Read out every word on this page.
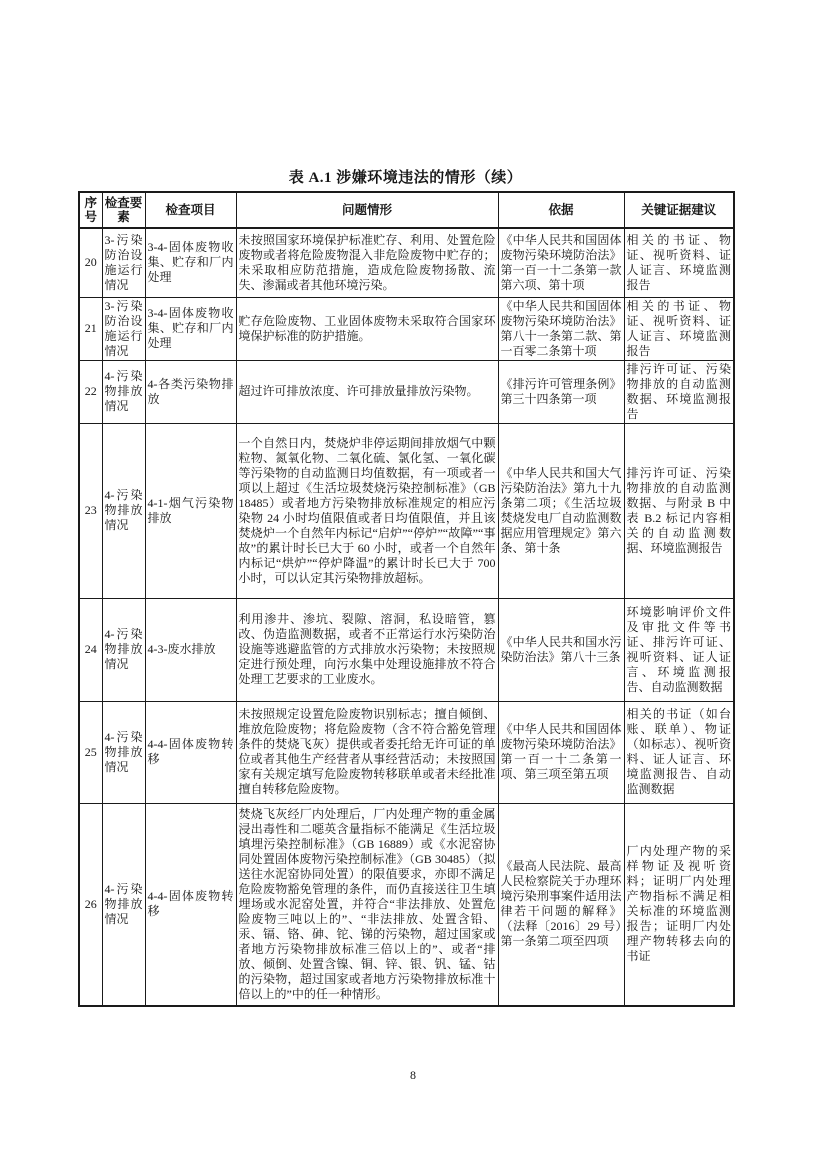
表 A.1 涉嫌环境违法的情形（续）
序号	检查要素	检查项目	问题情形	依据	关键证据建议
20	3-污染防治设施运行情况	3-4-固体废物收集、贮存和厂内处理	未按照国家环境保护标准贮存、利用、处置危险废物或者将危险废物混入非危险废物中贮存的；未采取相应防范措施，造成危险废物扬散、流失、渗漏或者其他环境污染。	《中华人民共和国固体废物污染环境防治法》第一百一十二条第一款第六项、第十项	相关的书证、物证、视听资料、证人证言、环境监测报告
21	3-污染防治设施运行情况	3-4-固体废物收集、贮存和厂内处理	贮存危险废物、工业固体废物未采取符合国家环境保护标准的防护措施。	《中华人民共和国固体废物污染环境防治法》第八十一条第二款、第一百零二条第十项	相关的书证、物证、视听资料、证人证言、环境监测报告
22	4-污染物排放情况	4-各类污染物排放	超过许可排放浓度、许可排放量排放污染物。	《排污许可管理条例》第三十四条第一项	排污许可证、污染物排放的自动监测数据、环境监测报告
23	4-污染物排放情况	4-1-烟气污染物排放	一个自然日内，焚烧炉非停运期间排放烟气中颗粒物、氮氧化物、二氧化硫、氯化氢、一氧化碳等污染物的自动监测日均值数据，有一项或者一项以上超过《生活垃圾焚烧污染控制标准》（GB 18485）或者地方污染物排放标准规定的相应污染物 24 小时均值限值或者日均值限值，并且该焚烧炉一个自然年内标记“启炉”“停炉”“故障”“事故”的累计时长已大于 60 小时，或者一个自然年内标记“烘炉”“停炉降温”的累计时长已大于 700 小时，可以认定其污染物排放超标。	《中华人民共和国大气污染防治法》第九十九条第二项；《生活垃圾焚烧发电厂自动监测数据应用管理规定》第六条、第十条	排污许可证、污染物排放的自动监测数据、与附录 B 中表 B.2 标记内容相关的自动监测数据、环境监测报告
24	4-污染物排放情况	4-3-废水排放	利用渗井、渗坑、裂隙、溶洞，私设暗管，篡改、伪造监测数据，或者不正常运行水污染防治设施等逃避监管的方式排放水污染物；未按照规定进行预处理，向污水集中处理设施排放不符合处理工艺要求的工业废水。	《中华人民共和国水污染防治法》第八十三条	环境影响评价文件及审批文件等书证、排污许可证、视听资料、证人证言、环境监测报告、自动监测数据
25	4-污染物排放情况	4-4-固体废物转移	未按照规定设置危险废物识别标志；擅自倾倒、堆放危险废物；将危险废物（含不符合豁免管理条件的焚烧飞灰）提供或者委托给无许可证的单位或者其他生产经营者从事经营活动；未按照国家有关规定填写危险废物转移联单或者未经批准擅自转移危险废物。	《中华人民共和国固体废物污染环境防治法》第一百一十二条第一项、第三项至第五项	相关的书证（如台账、联单）、物证（如标志）、视听资料、证人证言、环境监测报告、自动监测数据
26	4-污染物排放情况	4-4-固体废物转移	焚烧飞灰经厂内处理后，厂内处理产物的重金属浸出毒性和二噁英含量指标不能满足《生活垃圾填埋污染控制标准》（GB 16889）或《水泥窑协同处置固体废物污染控制标准》（GB 30485）（拟送往水泥窑协同处置）的限值要求，亦即不满足危险废物豁免管理的条件，而仍直接送往卫生填埋场或水泥窑处置，并符合“非法排放、处置危险废物三吨以上的”、“非法排放、处置含铅、汞、镉、铬、砷、铊、锑的污染物，超过国家或者地方污染物排放标准三倍以上的”、或者“排放、倾倒、处置含镍、铜、锌、银、钒、锰、钴的污染物，超过国家或者地方污染物排放标准十倍以上的”中的任一种情形。	《最高人民法院、最高人民检察院关于办理环境污染刑事案件适用法律若干问题的解释》（法释〔2016〕29 号）第一条第二项至四项	厂内处理产物的采样物证及视听资料；证明厂内处理产物指标不满足相关标准的环境监测报告；证明厂内处理产物转移去向的书证
8
